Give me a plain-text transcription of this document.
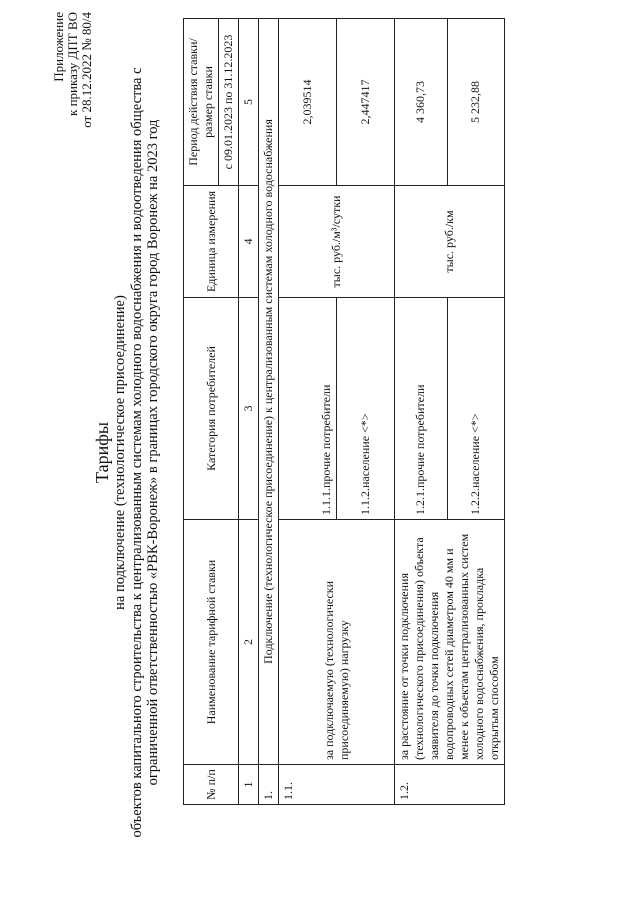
Приложение к приказу ДПТ ВО от 28.12.2022 № 80/4
Тарифы на подключение (технологическое присоединение) объектов капитального строительства к централизованным системам холодного водоснабжения и водоотведения общества с ограниченной ответственностью «РВК-Воронеж» в границах городского округа город Воронеж на 2023 год	№ п/п	Наименование тарифной ставки	Категория потребителей	Единица измерения	Период действия ставки/размер ставки
				с 09.01.2023 по 31.12.2023
1	2	3	4	5
1.	Подключение (технологическое присоединение) к централизованным системам холодного водоснабжения			
1.1.	за подключаемую (технологически присоединяемую) нагрузку	1.1.1. прочие потребители	тыс. руб./м³/сутки	2,039514
		1.1.2. население <*>		2,447417
1.2.	за расстояние от точки подключения (технологического присоединения) объекта заявителя до точки подключения водопроводных сетей диаметром 40 мм и менее к объектам централизованных систем холодного водоснабжения, прокладка открытым способом	1.2.1. прочие потребители	тыс. руб./км	4 360,73
		1.2.2. население <*>		5 232,88
